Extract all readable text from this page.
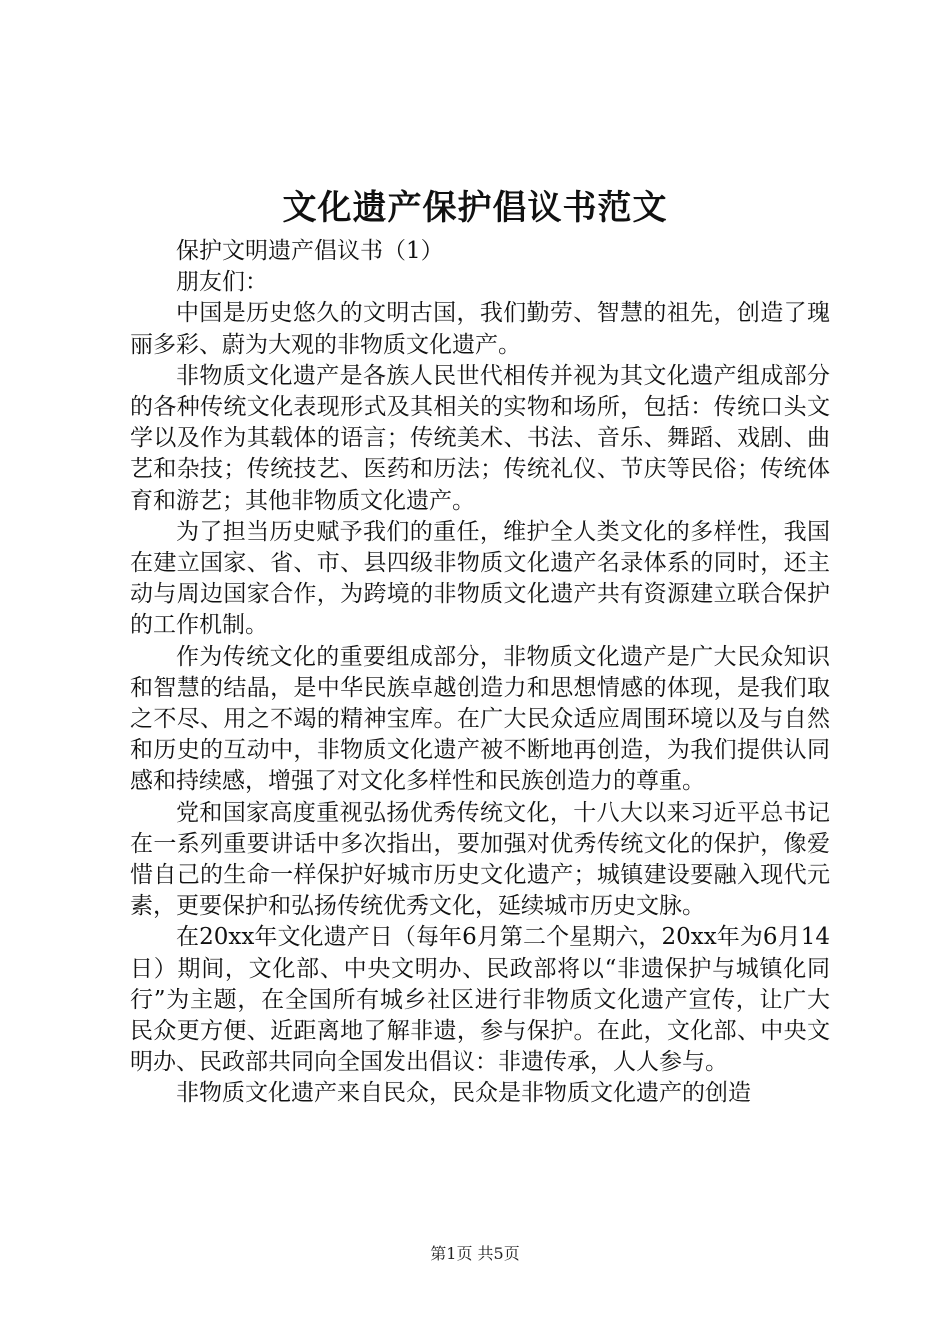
文化遗产保护倡议书范文

保护文明遗产倡议书（1）

朋友们：

中国是历史悠久的文明古国，我们勤劳、智慧的祖先，创造了瑰丽多彩、蔚为大观的非物质文化遗产。

非物质文化遗产是各族人民世代相传并视为其文化遗产组成部分的各种传统文化表现形式及其相关的实物和场所，包括：传统口头文学以及作为其载体的语言；传统美术、书法、音乐、舞蹈、戏剧、曲艺和杂技；传统技艺、医药和历法；传统礼仪、节庆等民俗；传统体育和游艺；其他非物质文化遗产。

为了担当历史赋予我们的重任，维护全人类文化的多样性，我国在建立国家、省、市、县四级非物质文化遗产名录体系的同时，还主动与周边国家合作，为跨境的非物质文化遗产共有资源建立联合保护的工作机制。

作为传统文化的重要组成部分，非物质文化遗产是广大民众知识和智慧的结晶，是中华民族卓越创造力和思想情感的体现，是我们取之不尽、用之不竭的精神宝库。在广大民众适应周围环境以及与自然和历史的互动中，非物质文化遗产被不断地再创造，为我们提供认同感和持续感，增强了对文化多样性和民族创造力的尊重。

党和国家高度重视弘扬优秀传统文化，十八大以来习近平总书记在一系列重要讲话中多次指出，要加强对优秀传统文化的保护，像爱惜自己的生命一样保护好城市历史文化遗产；城镇建设要融入现代元素，更要保护和弘扬传统优秀文化，延续城市历史文脉。

在20xx年文化遗产日（每年6月第二个星期六，20xx年为6月14日）期间，文化部、中央文明办、民政部将以“非遗保护与城镇化同行”为主题，在全国所有城乡社区进行非物质文化遗产宣传，让广大民众更方便、近距离地了解非遗，参与保护。在此，文化部、中央文明办、民政部共同向全国发出倡议：非遗传承，人人参与。

非物质文化遗产来自民众，民众是非物质文化遗产的创造

第1页 共5页
